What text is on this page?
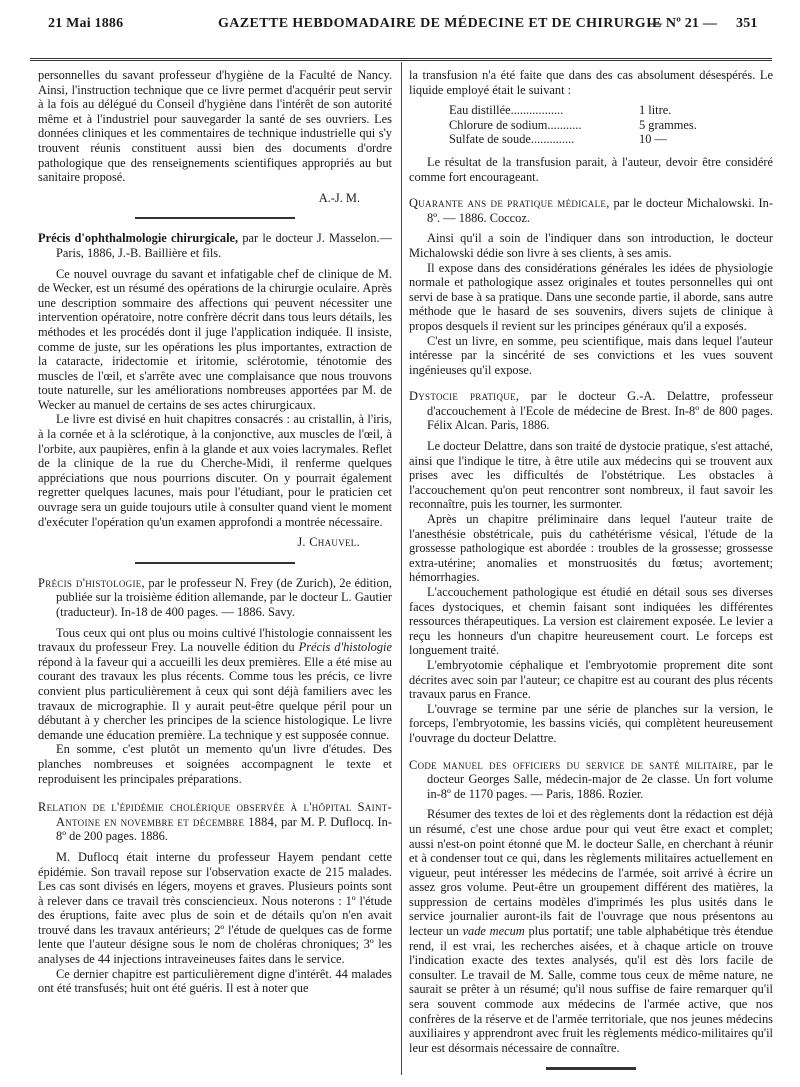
21 Mai 1886	GAZETTE HEBDOMADAIRE DE MÉDECINE ET DE CHIRURGIE
— Nº 21 — 351

personnelles du savant professeur d'hygiène de la Faculté de Nancy. Ainsi, l'instruction technique que ce livre permet d'acquérir peut servir à la fois au délégué du Conseil d'hygiène dans l'intérêt de son autorité même et à l'industriel pour sauvegarder la santé de ses ouvriers. Les données cliniques et les commentaires de technique industrielle qui s'y trouvent réunis constituent aussi bien des documents d'ordre pathologique que des renseignements scientifiques appropriés au but sanitaire proposé.

A.-J. M.

Précis d'ophthalmologie chirurgicale, par le docteur J. Masselon.— Paris, 1886, J.-B. Baillière et fils.

Ce nouvel ouvrage du savant et infatigable chef de clinique de M. de Wecker, est un résumé des opérations de la chirurgie oculaire. Après une description sommaire des affections qui peuvent nécessiter une intervention opératoire, notre confrère décrit dans tous leurs détails, les méthodes et les procédés dont il juge l'application indiquée. Il insiste, comme de juste, sur les opérations les plus importantes, extraction de la cataracte, iridectomie et iritomie, sclérotomie, ténotomie des muscles de l'œil, et s'arrête avec une complaisance que nous trouvons toute naturelle, sur les améliorations nombreuses apportées par M. de Wecker au manuel de certains de ses actes chirurgicaux.

Le livre est divisé en huit chapitres consacrés : au cristallin, à l'iris, à la cornée et à la sclérotique, à la conjonctive, aux muscles de l'œil, à l'orbite, aux paupières, enfin à la glande et aux voies lacrymales. Reflet de la clinique de la rue du Cherche-Midi, il renferme quelques appréciations que nous pourrions discuter. On y pourrait également regretter quelques lacunes, mais pour l'étudiant, pour le praticien cet ouvrage sera un guide toujours utile à consulter quand vient le moment d'exécuter l'opération qu'un examen approfondi a montrée nécessaire.

J. Chauvel.

Précis d'histologie, par le professeur N. Frey (de Zurich), 2e édition, publiée sur la troisième édition allemande, par le docteur L. Gautier (traducteur). In-18 de 400 pages. — 1886. Savy.

Tous ceux qui ont plus ou moins cultivé l'histologie connaissent les travaux du professeur Frey. La nouvelle édition du Précis d'histologie répond à la faveur qui a accueilli les deux premières. Elle a été mise au courant des travaux les plus récents. Comme tous les précis, ce livre convient plus particulièrement à ceux qui sont déjà familiers avec les travaux de micrographie. Il y aurait peut-être quelque péril pour un débutant à y chercher les principes de la science histologique. Le livre demande une éducation première. La technique y est supposée connue.

En somme, c'est plutôt un memento qu'un livre d'études. Des planches nombreuses et soignées accompagnent le texte et reproduisent les principales préparations.

Relation de l'épidémie cholérique observée à l'hôpital Saint-Antoine en novembre et décembre 1884, par M. P. Duflocq. In-8º de 200 pages. 1886.

M. Duflocq était interne du professeur Hayem pendant cette épidémie. Son travail repose sur l'observation exacte de 215 malades. Les cas sont divisés en légers, moyens et graves. Plusieurs points sont à relever dans ce travail très consciencieux. Nous noterons : 1º l'étude des éruptions, faite avec plus de soin et de détails qu'on n'en avait trouvé dans les travaux antérieurs; 2º l'étude de quelques cas de forme lente que l'auteur désigne sous le nom de choléras chroniques; 3º les analyses de 44 injections intraveineuses faites dans le service.

Ce dernier chapitre est particulièrement digne d'intérêt. 44 malades ont été transfusés; huit ont été guéris. Il est à noter que

la transfusion n'a été faite que dans des cas absolument désespérés. Le liquide employé était le suivant :

Eau distillée.................	1 litre.
Chlorure de sodium...........	5 grammes.
Sulfate de soude..............	10 —

Le résultat de la transfusion parait, à l'auteur, devoir être considéré comme fort encourageant.

Quarante ans de pratique médicale, par le docteur Michalowski. In-8º. — 1886. Coccoz.

Ainsi qu'il a soin de l'indiquer dans son introduction, le docteur Michalowski dédie son livre à ses clients, à ses amis.

Il expose dans des considérations générales les idées de physiologie normale et pathologique assez originales et toutes personnelles qui ont servi de base à sa pratique. Dans une seconde partie, il aborde, sans autre méthode que le hasard de ses souvenirs, divers sujets de clinique à propos desquels il revient sur les principes généraux qu'il a exposés.

C'est un livre, en somme, peu scientifique, mais dans lequel l'auteur intéresse par la sincérité de ses convictions et les vues souvent ingénieuses qu'il expose.

Dystocie pratique, par le docteur G.-A. Delattre, professeur d'accouchement à l'Ecole de médecine de Brest. In-8º de 800 pages. Félix Alcan. Paris, 1886.

Le docteur Delattre, dans son traité de dystocie pratique, s'est attaché, ainsi que l'indique le titre, à être utile aux médecins qui se trouvent aux prises avec les difficultés de l'obstétrique. Les obstacles à l'accouchement qu'on peut rencontrer sont nombreux, il faut savoir les reconnaître, puis les tourner, les surmonter.

Après un chapitre préliminaire dans lequel l'auteur traite de l'anesthésie obstétricale, puis du cathétérisme vésical, l'étude de la grossesse pathologique est abordée : troubles de la grossesse; grossesse extra-utérine; anomalies et monstruosités du fœtus; avortement; hémorrhagies.

L'accouchement pathologique est étudié en détail sous ses diverses faces dystociques, et chemin faisant sont indiquées les différentes ressources thérapeutiques. La version est clairement exposée. Le levier a reçu les honneurs d'un chapitre heureusement court. Le forceps est longuement traité.

L'embryotomie céphalique et l'embryotomie proprement dite sont décrites avec soin par l'auteur; ce chapitre est au courant des plus récents travaux parus en France.

L'ouvrage se termine par une série de planches sur la version, le forceps, l'embryotomie, les bassins viciés, qui complètent heureusement l'ouvrage du docteur Delattre.

Code manuel des officiers du service de santé militaire, par le docteur Georges Salle, médecin-major de 2e classe. Un fort volume in-8º de 1170 pages. — Paris, 1886. Rozier.

Résumer des textes de loi et des règlements dont la rédaction est déjà un résumé, c'est une chose ardue pour qui veut être exact et complet; aussi n'est-on point étonné que M. le docteur Salle, en cherchant à réunir et à condenser tout ce qui, dans les règlements militaires actuellement en vigueur, peut intéresser les médecins de l'armée, soit arrivé à écrire un assez gros volume. Peut-être un groupement différent des matières, la suppression de certains modèles d'imprimés les plus usités dans le service journalier auront-ils fait de l'ouvrage que nous présentons au lecteur un vade mecum plus portatif; une table alphabétique très étendue rend, il est vrai, les recherches aisées, et à chaque article on trouve l'indication exacte des textes analysés, qu'il est dès lors facile de consulter. Le travail de M. Salle, comme tous ceux de même nature, ne saurait se prêter à un résumé; qu'il nous suffise de faire remarquer qu'il sera souvent commode aux médecins de l'armée active, que nos confrères de la réserve et de l'armée territoriale, que nos jeunes médecins auxiliaires y apprendront avec fruit les règlements médico-militaires qu'il leur est désormais nécessaire de connaître.
